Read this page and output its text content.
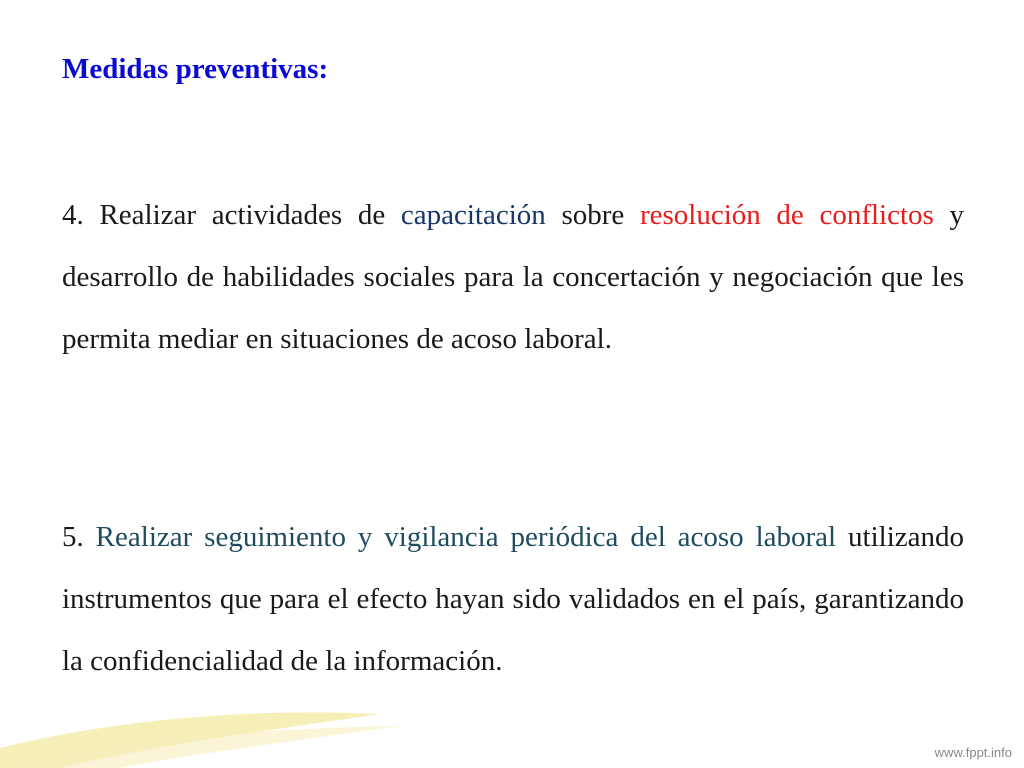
Medidas preventivas:

4. Realizar actividades de capacitación sobre resolución de conflictos y desarrollo de habilidades sociales para la concertación y negociación que les permita mediar en situaciones de acoso laboral.

5. Realizar seguimiento y vigilancia periódica del acoso laboral utilizando instrumentos que para el efecto hayan sido validados en el país, garantizando la confidencialidad de la información.

www.fppt.info
